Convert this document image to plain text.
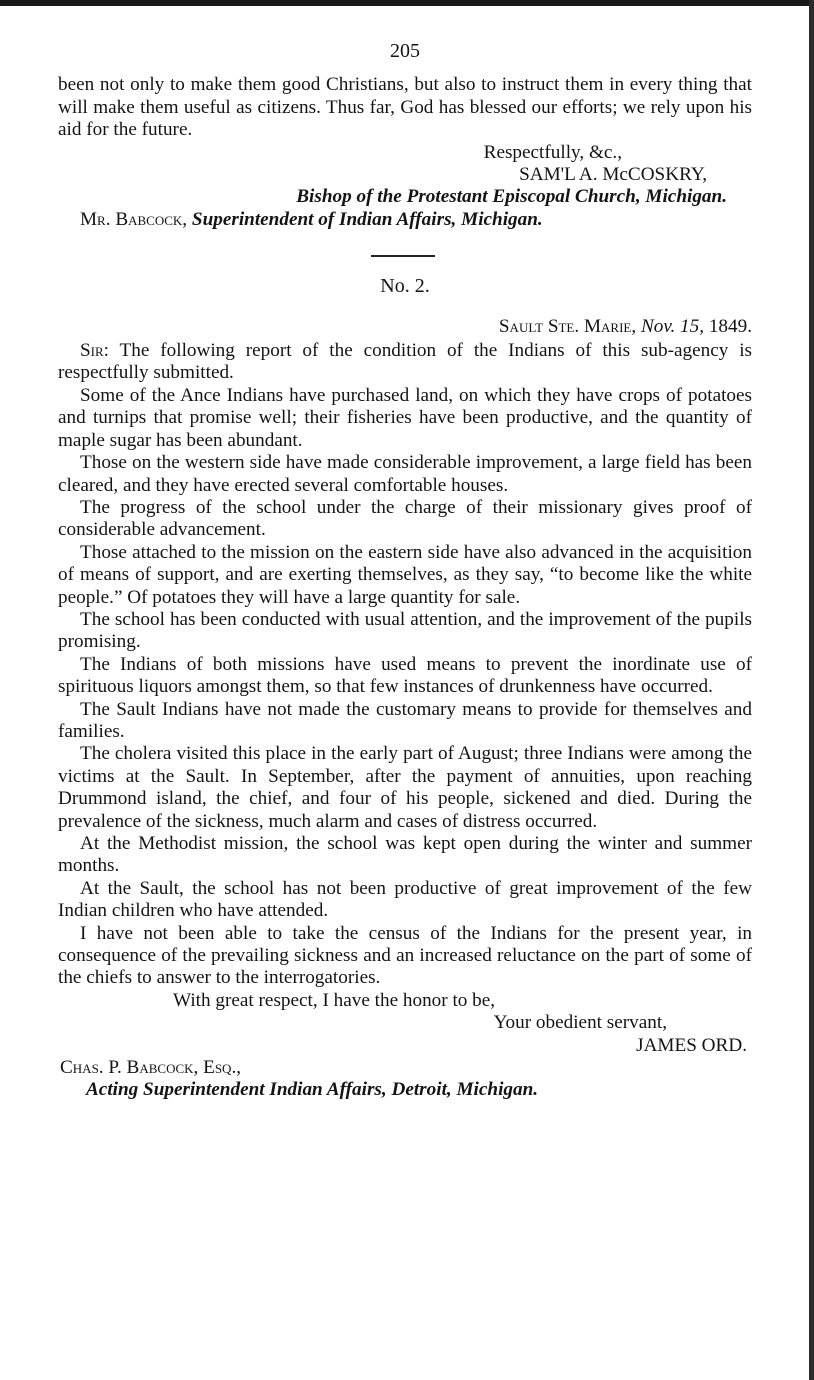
205

been not only to make them good Christians, but also to instruct them in every thing that will make them useful as citizens. Thus far, God has blessed our efforts; we rely upon his aid for the future.

Respectfully, &c.,
SAM'L A. McCOSKRY,
Bishop of the Protestant Episcopal Church, Michigan.
Mr. Babcock, Superintendent of Indian Affairs, Michigan.
No. 2.
Sault Ste. Marie, Nov. 15, 1849.

Sir: The following report of the condition of the Indians of this sub-agency is respectfully submitted.

Some of the Ance Indians have purchased land, on which they have crops of potatoes and turnips that promise well; their fisheries have been productive, and the quantity of maple sugar has been abundant.

Those on the western side have made considerable improvement, a large field has been cleared, and they have erected several comfortable houses.

The progress of the school under the charge of their missionary gives proof of considerable advancement.

Those attached to the mission on the eastern side have also advanced in the acquisition of means of support, and are exerting themselves, as they say, “to become like the white people.” Of potatoes they will have a large quantity for sale.

The school has been conducted with usual attention, and the improvement of the pupils promising.

The Indians of both missions have used means to prevent the inordinate use of spirituous liquors amongst them, so that few instances of drunkenness have occurred.

The Sault Indians have not made the customary means to provide for themselves and families.

The cholera visited this place in the early part of August; three Indians were among the victims at the Sault. In September, after the payment of annuities, upon reaching Drummond island, the chief, and four of his people, sickened and died. During the prevalence of the sickness, much alarm and cases of distress occurred.

At the Methodist mission, the school was kept open during the winter and summer months.

At the Sault, the school has not been productive of great improvement of the few Indian children who have attended.

I have not been able to take the census of the Indians for the present year, in consequence of the prevailing sickness and an increased reluctance on the part of some of the chiefs to answer to the interrogatories.

With great respect, I have the honor to be,
Your obedient servant,
JAMES ORD.
Chas. P. Babcock, Esq.,
Acting Superintendent Indian Affairs, Detroit, Michigan.
